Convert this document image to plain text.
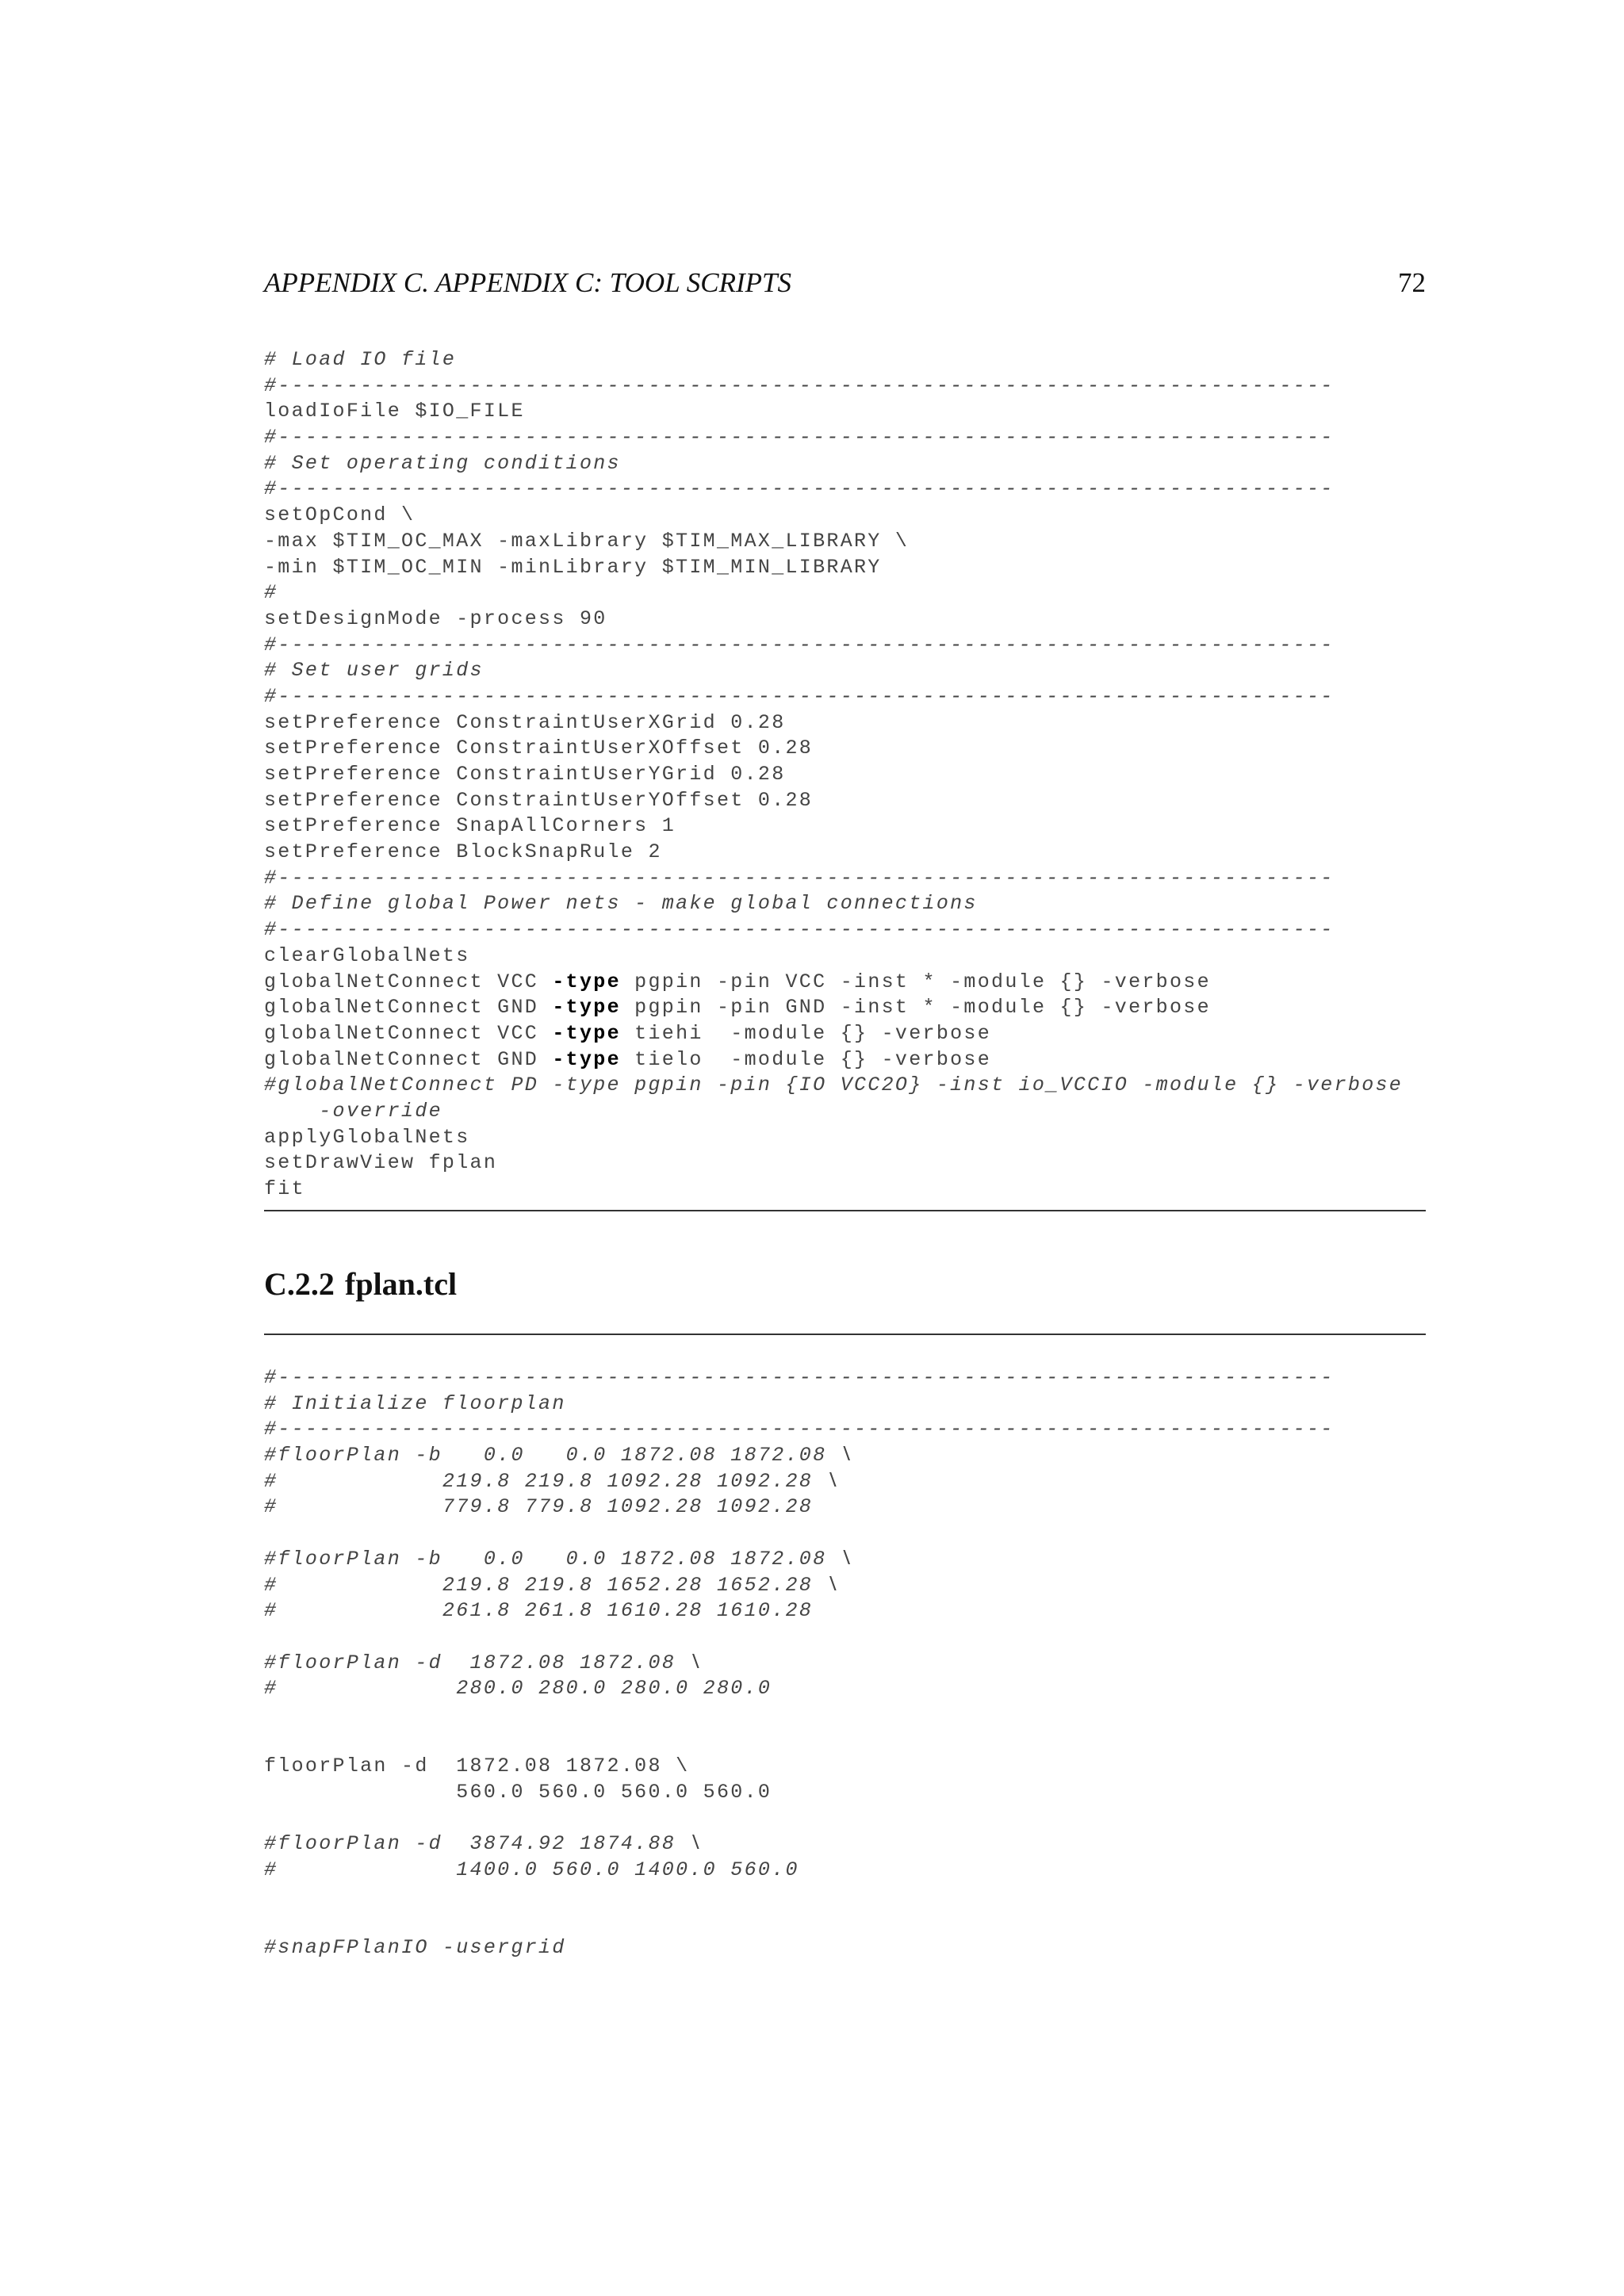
APPENDIX C. APPENDIX C: TOOL SCRIPTS	72
# Load IO file
#-----------------------------------------------------------------------------
loadIoFile $IO_FILE
#-----------------------------------------------------------------------------
# Set operating conditions
#-----------------------------------------------------------------------------
setOpCond \
-max $TIM_OC_MAX -maxLibrary $TIM_MAX_LIBRARY \
-min $TIM_OC_MIN -minLibrary $TIM_MIN_LIBRARY
#
setDesignMode -process 90
#-----------------------------------------------------------------------------
# Set user grids
#-----------------------------------------------------------------------------
setPreference ConstraintUserXGrid 0.28
setPreference ConstraintUserXOffset 0.28
setPreference ConstraintUserYGrid 0.28
setPreference ConstraintUserYOffset 0.28
setPreference SnapAllCorners 1
setPreference BlockSnapRule 2
#-----------------------------------------------------------------------------
# Define global Power nets - make global connections
#-----------------------------------------------------------------------------
clearGlobalNets
globalNetConnect VCC -type pgpin -pin VCC -inst * -module {} -verbose
globalNetConnect GND -type pgpin -pin GND -inst * -module {} -verbose
globalNetConnect VCC -type tiehi  -module {} -verbose
globalNetConnect GND -type tielo  -module {} -verbose
#globalNetConnect PD -type pgpin -pin {IO VCC2O} -inst io_VCCIO -module {} -verbose
-override
applyGlobalNets
setDrawView fplan
fit
C.2.2 fplan.tcl
#-----------------------------------------------------------------------------
# Initialize floorplan
#-----------------------------------------------------------------------------
#floorPlan -b   0.0   0.0 1872.08 1872.08 \
#            219.8 219.8 1092.28 1092.28 \
#            779.8 779.8 1092.28 1092.28
#floorPlan -b   0.0   0.0 1872.08 1872.08 \
#            219.8 219.8 1652.28 1652.28 \
#            261.8 261.8 1610.28 1610.28
#floorPlan -d  1872.08 1872.08 \
#             280.0 280.0 280.0 280.0
floorPlan -d  1872.08 1872.08 \
560.0 560.0 560.0 560.0
#floorPlan -d  3874.92 1874.88 \
#             1400.0 560.0 1400.0 560.0
#snapFPlanIO -usergrid
